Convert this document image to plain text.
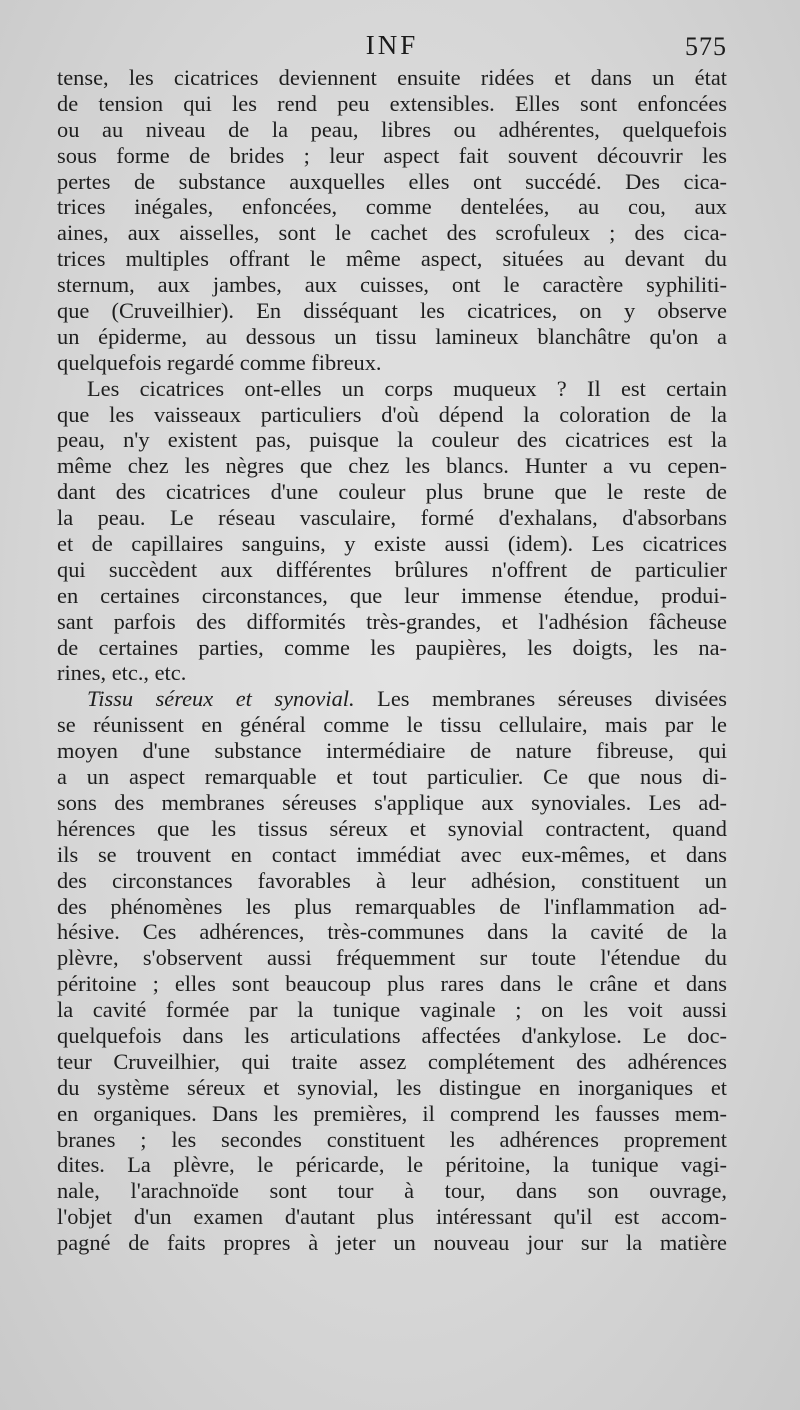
INF	575
tense, les cicatrices deviennent ensuite ridées et dans un état
de tension qui les rend peu extensibles. Elles sont enfoncées
ou au niveau de la peau, libres ou adhérentes, quelquefois
sous forme de brides ; leur aspect fait souvent découvrir les
pertes de substance auxquelles elles ont succédé. Des cica-
trices inégales, enfoncées, comme dentelées, au cou, aux
aines, aux aisselles, sont le cachet des scrofuleux ; des cica-
trices multiples offrant le même aspect, situées au devant du
sternum, aux jambes, aux cuisses, ont le caractère syphiliti-
que (Cruveilhier). En disséquant les cicatrices, on y observe
un épiderme, au dessous un tissu lamineux blanchâtre qu'on a
quelquefois regardé comme fibreux.
Les cicatrices ont-elles un corps muqueux ? Il est certain
que les vaisseaux particuliers d'où dépend la coloration de la
peau, n'y existent pas, puisque la couleur des cicatrices est la
même chez les nègres que chez les blancs. Hunter a vu cepen-
dant des cicatrices d'une couleur plus brune que le reste de
la peau. Le réseau vasculaire, formé d'exhalans, d'absorbans
et de capillaires sanguins, y existe aussi (idem). Les cicatrices
qui succèdent aux différentes brûlures n'offrent de particulier
en certaines circonstances, que leur immense étendue, produi-
sant parfois des difformités très-grandes, et l'adhésion fâcheuse
de certaines parties, comme les paupières, les doigts, les na-
rines, etc., etc.
Tissu séreux et synovial. Les membranes séreuses divisées
se réunissent en général comme le tissu cellulaire, mais par le
moyen d'une substance intermédiaire de nature fibreuse, qui
a un aspect remarquable et tout particulier. Ce que nous di-
sons des membranes séreuses s'applique aux synoviales. Les ad-
hérences que les tissus séreux et synovial contractent, quand
ils se trouvent en contact immédiat avec eux-mêmes, et dans
des circonstances favorables à leur adhésion, constituent un
des phénomènes les plus remarquables de l'inflammation ad-
hésive. Ces adhérences, très-communes dans la cavité de la
plèvre, s'observent aussi fréquemment sur toute l'étendue du
péritoine ; elles sont beaucoup plus rares dans le crâne et dans
la cavité formée par la tunique vaginale ; on les voit aussi
quelquefois dans les articulations affectées d'ankylose. Le doc-
teur Cruveilhier, qui traite assez complétement des adhérences
du système séreux et synovial, les distingue en inorganiques et
en organiques. Dans les premières, il comprend les fausses mem-
branes ; les secondes constituent les adhérences proprement
dites. La plèvre, le péricarde, le péritoine, la tunique vagi-
nale, l'arachnoïde sont tour à tour, dans son ouvrage,
l'objet d'un examen d'autant plus intéressant qu'il est accom-
pagné de faits propres à jeter un nouveau jour sur la matière
